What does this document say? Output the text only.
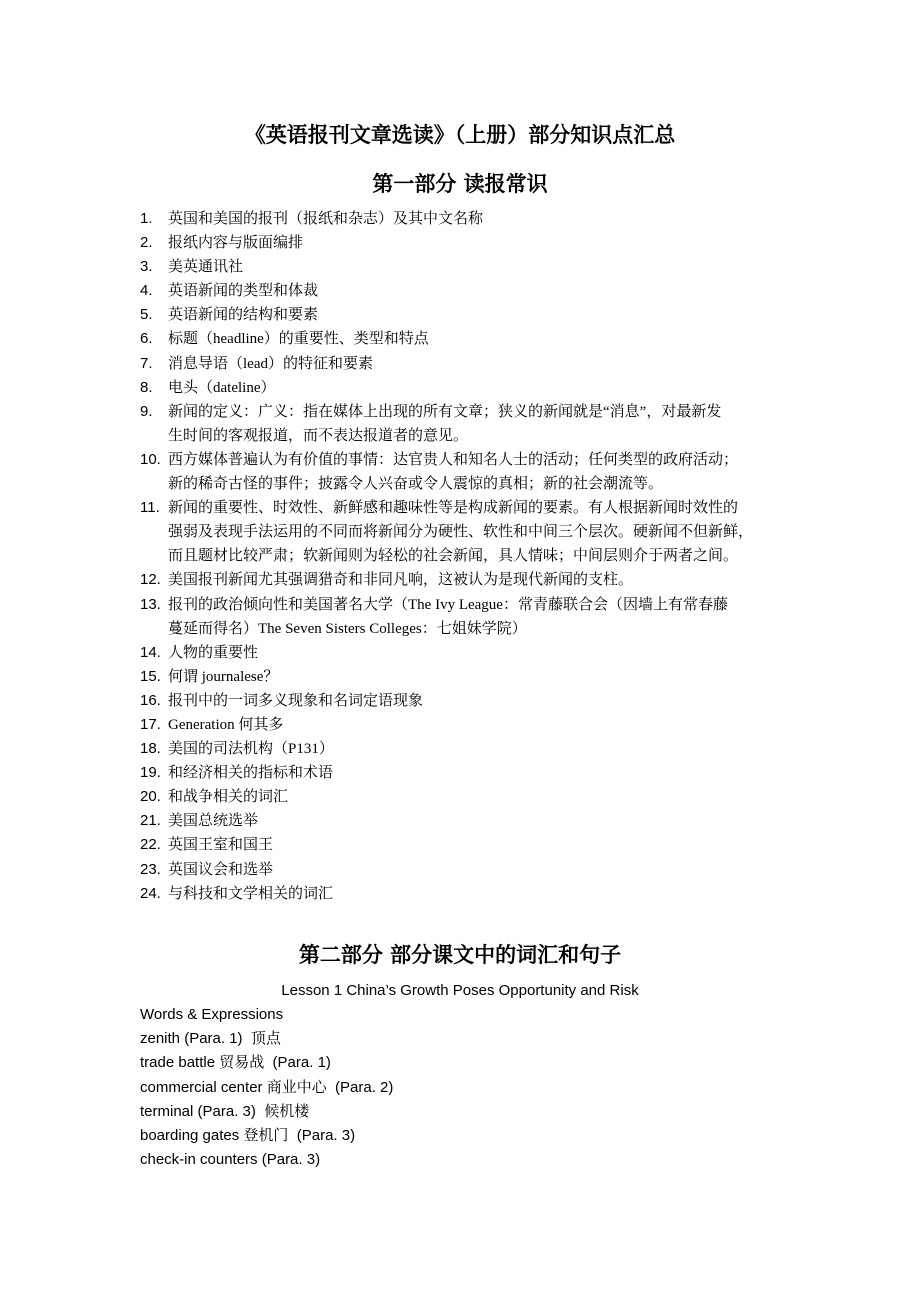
《英语报刊文章选读》（上册）部分知识点汇总
第一部分 读报常识
1.	英国和美国的报刊（报纸和杂志）及其中文名称
2.	报纸内容与版面编排
3.	美英通讯社
4.	英语新闻的类型和体裁
5.	英语新闻的结构和要素
6.	标题（headline）的重要性、类型和特点
7.	消息导语（lead）的特征和要素
8.	电头（dateline）
9.	新闻的定义：广义：指在媒体上出现的所有文章；狭义的新闻就是“消息”，对最新发
生时间的客观报道，而不表达报道者的意见。
10. 西方媒体普遍认为有价值的事情：达官贵人和知名人士的活动；任何类型的政府活动；
新的稀奇古怪的事件；披露令人兴奋或令人震惊的真相；新的社会潮流等。
11. 新闻的重要性、时效性、新鲜感和趣味性等是构成新闻的要素。有人根据新闻时效性的
强弱及表现手法运用的不同而将新闻分为硬性、软性和中间三个层次。硬新闻不但新鲜，
而且题材比较严肃；软新闻则为轻松的社会新闻，具人情味；中间层则介于两者之间。
12. 美国报刊新闻尤其强调猎奇和非同凡响，这被认为是现代新闻的支柱。
13. 报刊的政治倾向性和美国著名大学（The Ivy League：常青藤联合会（因墙上有常春藤
蔓延而得名）The Seven Sisters Colleges：七姐妹学院）
14. 人物的重要性
15. 何谓 journalese？
16. 报刊中的一词多义现象和名词定语现象
17. Generation 何其多
18. 美国的司法机构（P131）
19. 和经济相关的指标和术语
20. 和战争相关的词汇
21. 美国总统选举
22. 英国王室和国王
23. 英国议会和选举
24. 与科技和文学相关的词汇
第二部分 部分课文中的词汇和句子
Lesson 1 China’s Growth Poses Opportunity and Risk
Words & Expressions
zenith (Para. 1)  顶点
trade battle 贸易战  (Para. 1)
commercial center 商业中心  (Para. 2)
terminal (Para. 3)  候机楼
boarding gates 登机门  (Para. 3)
check-in counters (Para. 3)
